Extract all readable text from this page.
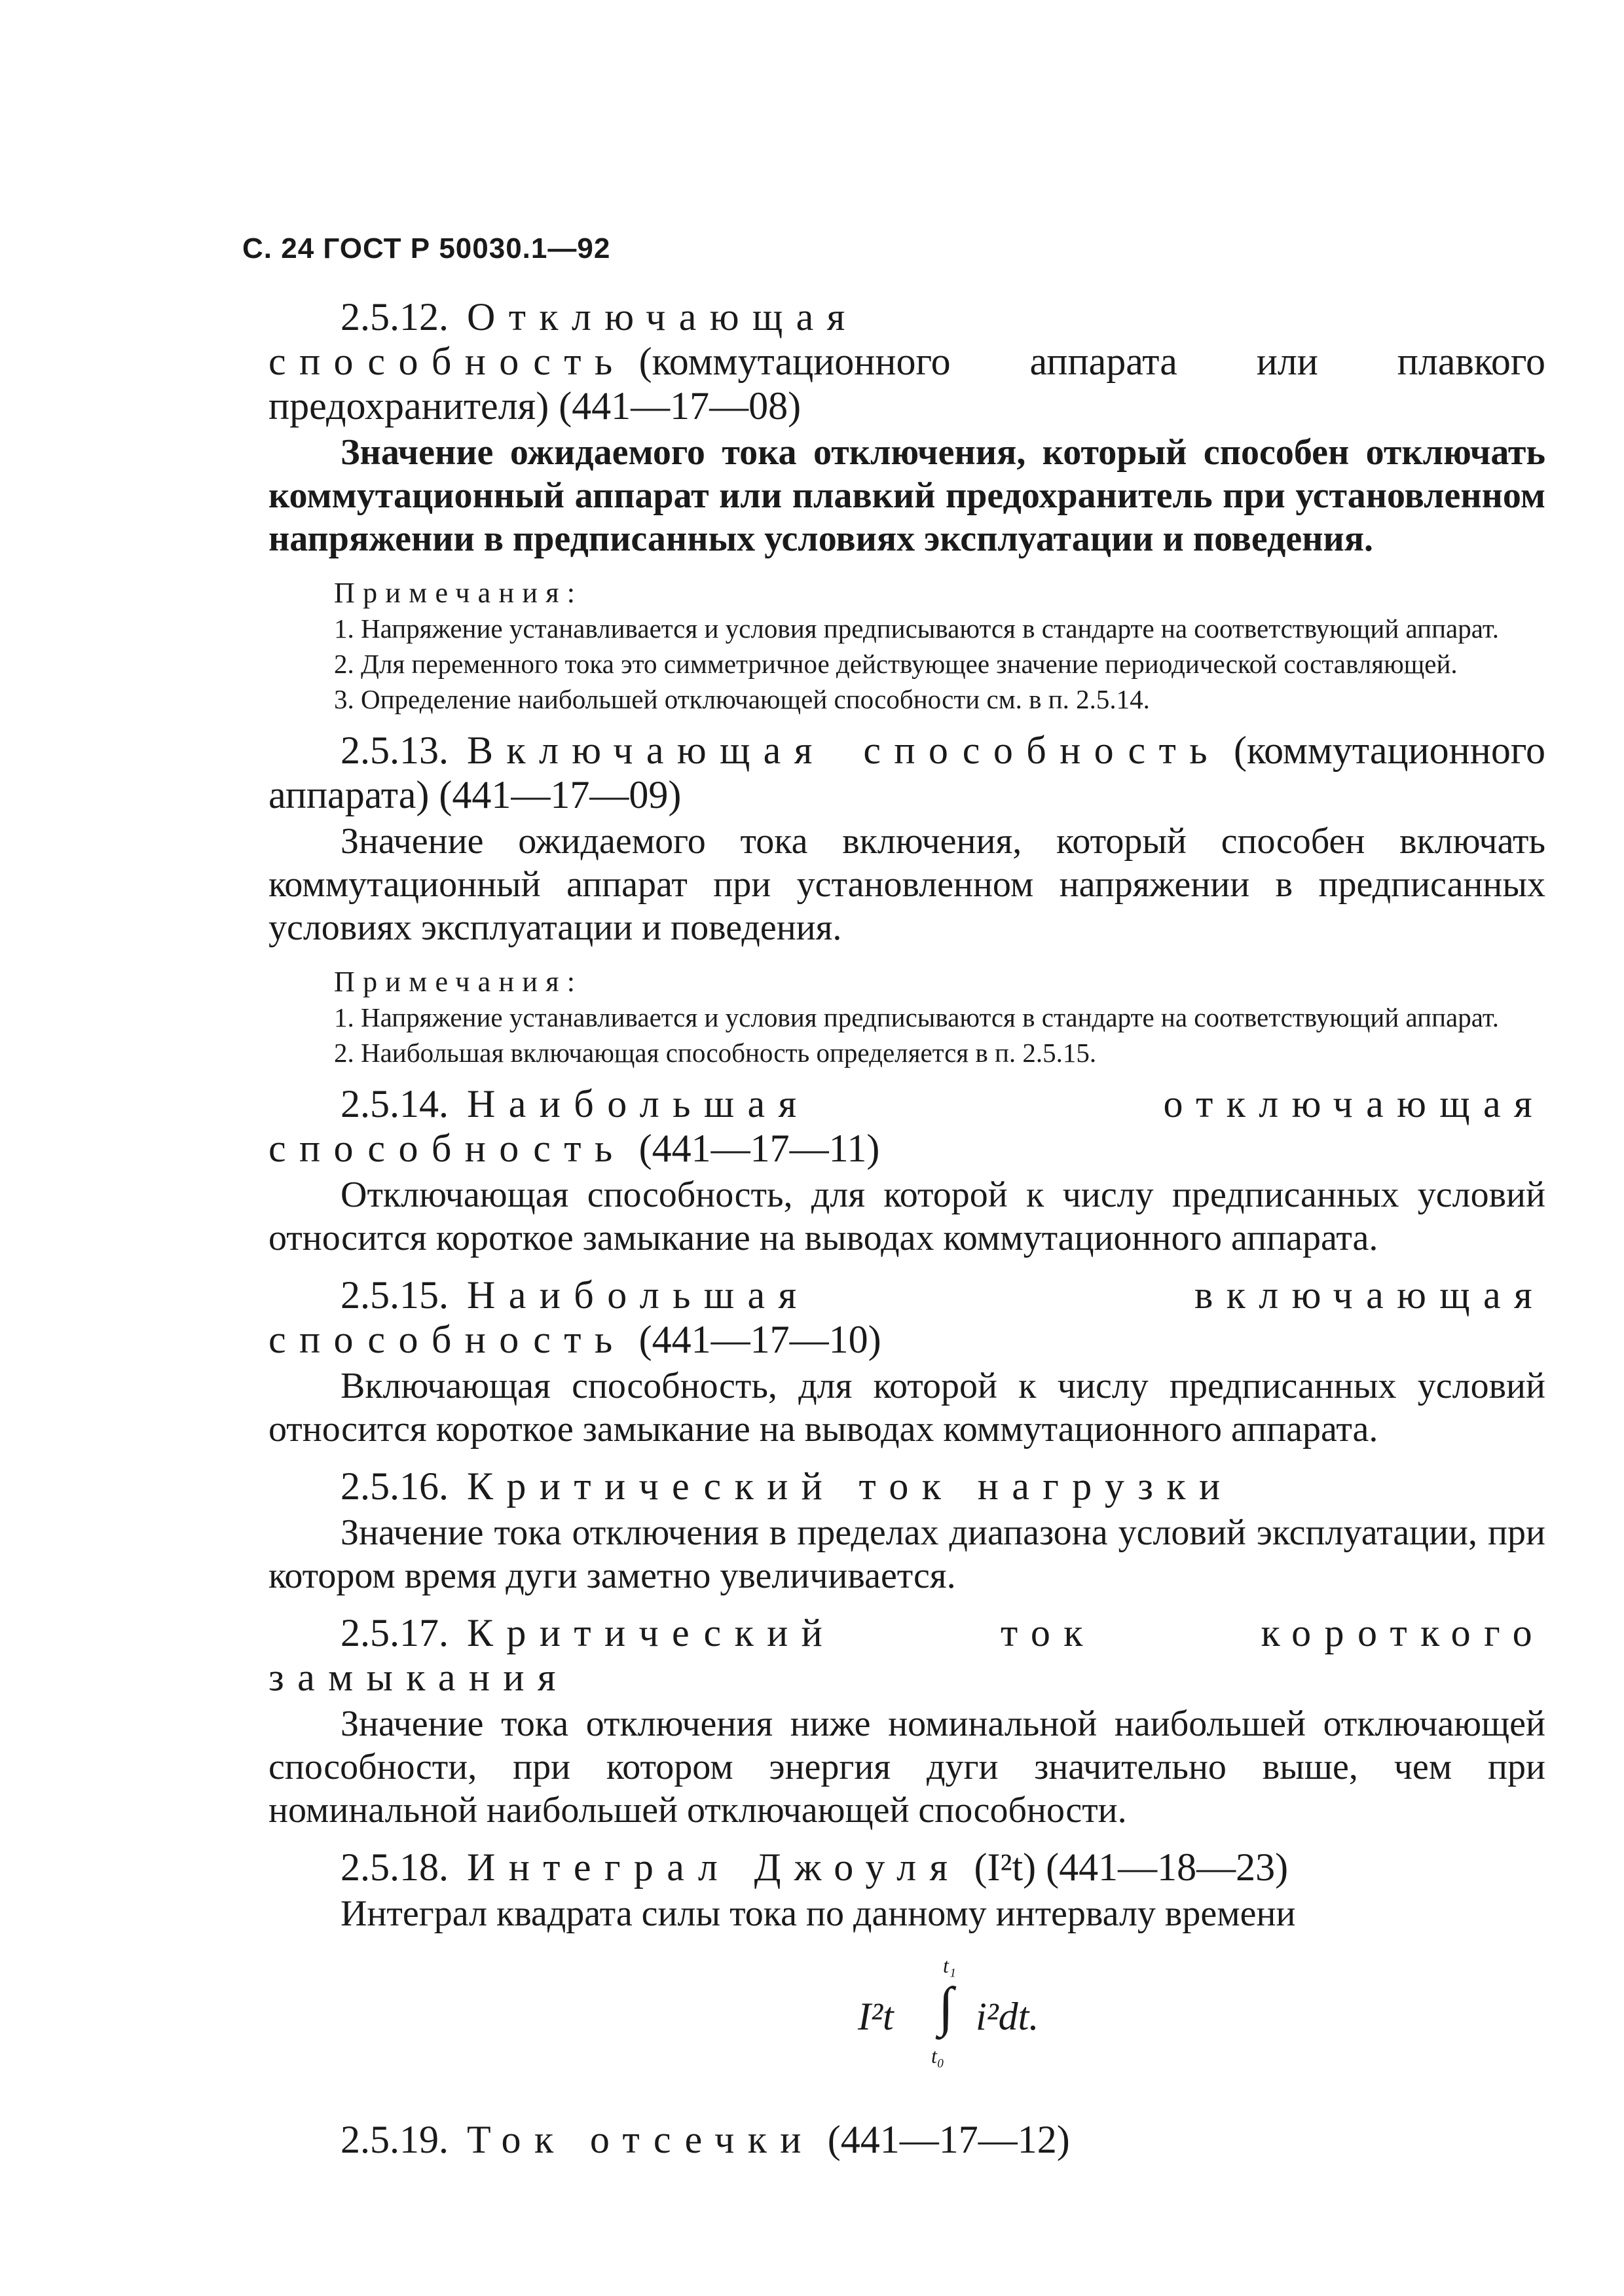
С. 24 ГОСТ Р 50030.1—92
2.5.12. Отключающая способность (коммутационного аппарата или плавкого предохранителя) (441—17—08)
Значение ожидаемого тока отключения, который способен отключать коммутационный аппарат или плавкий предохранитель при установленном напряжении в предписанных условиях эксплуатации и поведения.
Примечания:
1. Напряжение устанавливается и условия предписываются в стандарте на соответствующий аппарат.
2. Для переменного тока это симметричное действующее значение периодической составляющей.
3. Определение наибольшей отключающей способности см. в п. 2.5.14.
2.5.13. Включающая способность (коммутационного аппарата) (441—17—09)
Значение ожидаемого тока включения, который способен включать коммутационный аппарат при установленном напряжении в предписанных условиях эксплуатации и поведения.
Примечания:
1. Напряжение устанавливается и условия предписываются в стандарте на соответствующий аппарат.
2. Наибольшая включающая способность определяется в п. 2.5.15.
2.5.14. Наибольшая отключающая способность (441—17—11)
Отключающая способность, для которой к числу предписанных условий относится короткое замыкание на выводах коммутационного аппарата.
2.5.15. Наибольшая включающая способность (441—17—10)
Включающая способность, для которой к числу предписанных условий относится короткое замыкание на выводах коммутационного аппарата.
2.5.16. Критический ток нагрузки
Значение тока отключения в пределах диапазона условий эксплуатации, при котором время дуги заметно увеличивается.
2.5.17. Критический ток короткого замыкания
Значение тока отключения ниже номинальной наибольшей отключающей способности, при котором энергия дуги значительно выше, чем при номинальной наибольшей отключающей способности.
2.5.18. Интеграл Джоуля (I²t) (441—18—23)
Интеграл квадрата силы тока по данному интервалу времени
I²t
t₁
∫
t₀
i²dt.
2.5.19. Ток отсечки (441—17—12)
